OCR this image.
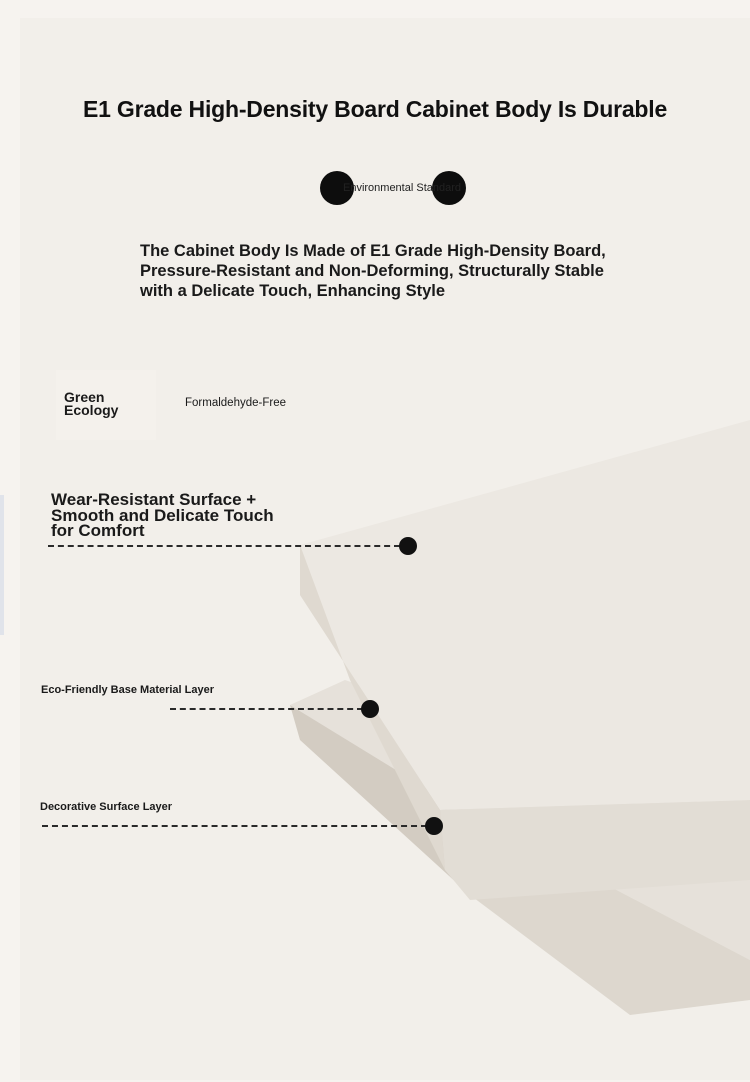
E1 Grade High-Density Board Cabinet Body Is Durable
Environmental Standard
The Cabinet Body Is Made of E1 Grade High-Density Board, Pressure-Resistant and Non-Deforming, Structurally Stable with a Delicate Touch, Enhancing Style
Green Ecology	Formaldehyde-Free
Wear-Resistant Surface + Smooth and Delicate Touch for Comfort
Eco-Friendly Base Material Layer
Decorative Surface Layer
